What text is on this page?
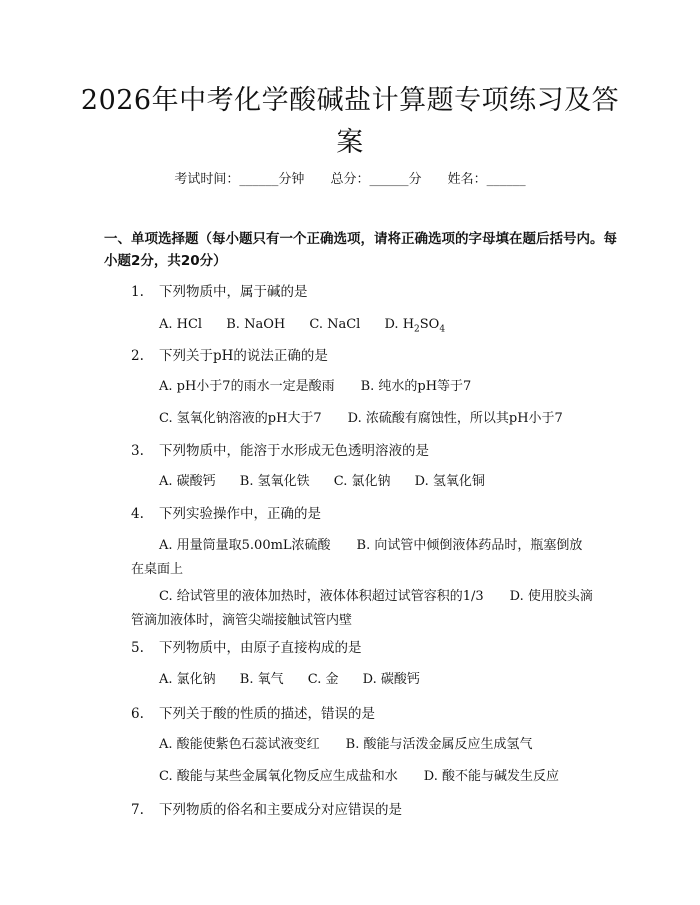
2026年中考化学酸碱盐计算题专项练习及答案
考试时间：______分钟 总分：______分 姓名：______
一、单项选择题（每小题只有一个正确选项，请将正确选项的字母填在题后括号内。每小题2分，共20分）
1. 下列物质中，属于碱的是
A. HCl B. NaOH C. NaCl D. $H_2SO_4$
2. 下列关于pH的说法正确的是
A. pH小于7的雨水一定是酸雨　　B. 纯水的pH等于7
C. 氢氧化钠溶液的pH大于7　　D. 浓硫酸有腐蚀性，所以其pH小于7
3. 下列物质中，能溶于水形成无色透明溶液的是
A. 碳酸钙 B. 氢氧化铁 C. 氯化钠 D. 氢氧化铜
4. 下列实验操作中，正确的是
A. 用量筒量取5.00mL浓硫酸　　B. 向试管中倾倒液体药品时，瓶塞倒放在桌面上
C. 给试管里的液体加热时，液体体积超过试管容积的1/3　　D. 使用胶头滴管滴加液体时，滴管尖端接触试管内壁
5. 下列物质中，由原子直接构成的是
A. 氯化钠 B. 氧气 C. 金 D. 碳酸钙
6. 下列关于酸的性质的描述，错误的是
A. 酸能使紫色石蕊试液变红　　B. 酸能与活泼金属反应生成氢气
C. 酸能与某些金属氧化物反应生成盐和水　　D. 酸不能与碱发生反应
7. 下列物质的俗名和主要成分对应错误的是
